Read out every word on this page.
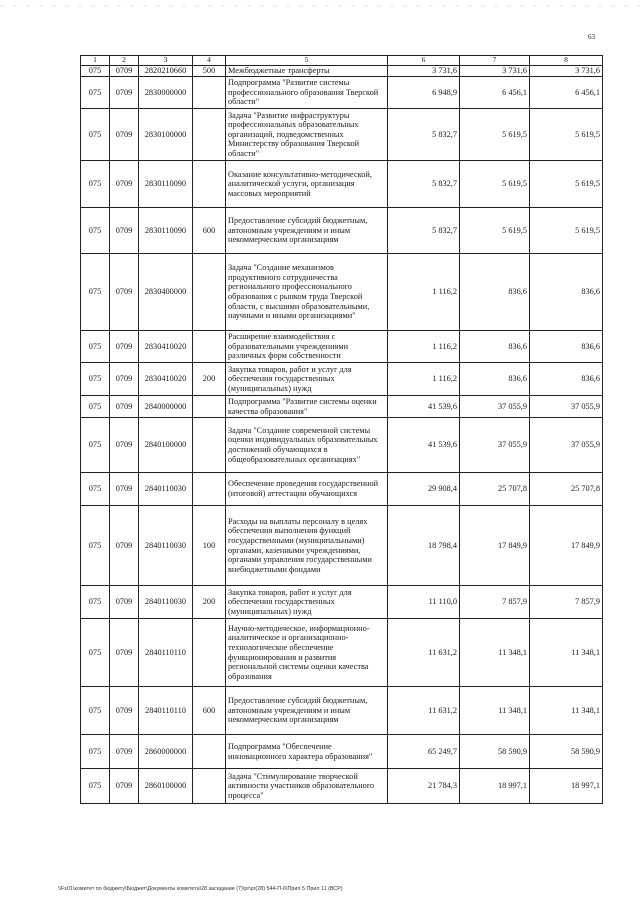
63
1	2	3	4	5	6	7	8
075	0709	2820210660	500	Межбюджетные трансферты	3 731,6	3 731,6	3 731,6
075	0709	2830000000		Подпрограмма "Развитие системы профессионального образования Тверской области"	6 948,9	6 456,1	6 456,1
075	0709	2830100000		Задача "Развитие инфраструктуры профессиональных образовательных организаций, подведомственных Министерству образования Тверской области"	5 832,7	5 619,5	5 619,5
075	0709	2830110090		Оказание консультативно-методической, аналитической услуги, организация массовых мероприятий	5 832,7	5 619,5	5 619,5
075	0709	2830110090	600	Предоставление субсидий бюджетным, автономным учреждениям и иным некоммерческим организациям	5 832,7	5 619,5	5 619,5
075	0709	2830400000		Задача "Создание механизмов продуктивного сотрудничества регионального профессионального образования с рынком труда Тверской области, с высшими образовательными, научными и иными организациями"	1 116,2	836,6	836,6
075	0709	2830410020		Расширение взаимодействия с образовательными учреждениями различных форм собственности	1 116,2	836,6	836,6
075	0709	2830410020	200	Закупка товаров, работ и услуг для обеспечения государственных (муниципальных) нужд	1 116,2	836,6	836,6
075	0709	2840000000		Подпрограмма "Развитие системы оценки качества образования"	41 539,6	37 055,9	37 055,9
075	0709	2840100000		Задача "Создание современной системы оценки индивидуальных образовательных достижений обучающихся в общеобразовательных организациях"	41 539,6	37 055,9	37 055,9
075	0709	2840110030		Обеспечение проведения государственной (итоговой) аттестации обучающихся	29 908,4	25 707,8	25 707,8
075	0709	2840110030	100	Расходы на выплаты персоналу в целях обеспечения выполнения функций государственными (муниципальными) органами, казенными учреждениями, органами управления государственными внебюджетными фондами	18 798,4	17 849,9	17 849,9
075	0709	2840110030	200	Закупка товаров, работ и услуг для обеспечения государственных (муниципальных) нужд	11 110,0	7 857,9	7 857,9
075	0709	2840110110		Научно-методическое, информационно-аналитическое и организационно-технологическое обеспечение функционирования и развития региональной системы оценки качества образования	11 631,2	11 348,1	11 348,1
075	0709	2840110110	600	Предоставление субсидий бюджетным, автономным учреждениям и иным некоммерческим организациям	11 631,2	11 348,1	11 348,1
075	0709	2860000000		Подпрограмма "Обеспечение инновационного характера образования"	65 249,7	58 590,9	58 590,9
075	0709	2860100000		Задача "Стимулирование творческой активности участников образовательного процесса"	21 784,3	18 997,1	18 997,1
\\Fs01\комитет по бюджету\Бюджет\Документы комитета\28 заседание (7)\pr\pr(28) 544-П-6\Прил 5 Прил 11 (ВСР)
